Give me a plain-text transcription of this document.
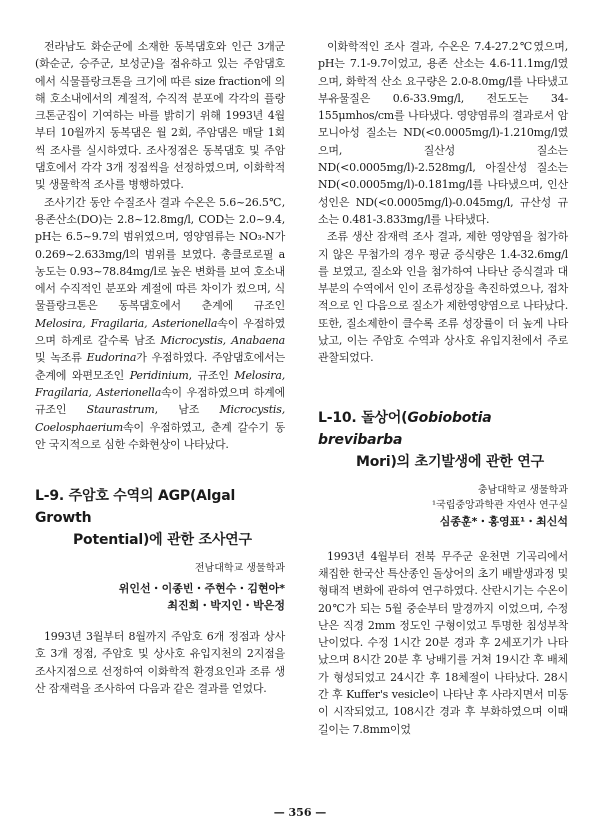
전라남도 화순군에 소재한 동복댐호와 인근 3개군(화순군, 승주군, 보성군)을 점유하고 있는 주암댐호에서 식물플랑크톤을 크기에 따른 size fraction에 의해 호소내에서의 계절적, 수직적 분포에 각각의 플랑크톤군집이 기여하는 바를 밝히기 위해 1993년 4월부터 10월까지 동복댐은 월 2회, 주암댐은 매달 1회씩 조사를 실시하였다. 조사정점은 동복댐호 및 주암댐호에서 각각 3개 정점씩을 선정하였으며, 이화학적 및 생물학적 조사를 병행하였다.

조사기간 동안 수질조사 결과 수온은 5.6~26.5℃, 용존산소(DO)는 2.8~12.8mg/l, COD는 2.0~9.4, pH는 6.5~9.7의 범위였으며, 영양염류는 NO₃-N가 0.269~2.633mg/l의 범위를 보였다. 총클로로필 a 농도는 0.93~78.84mg/l로 높은 변화를 보여 호소내에서 수직적인 분포와 계절에 따른 차이가 컸으며, 식물플랑크톤은 동복댐호에서 춘계에 규조인 Melosira, Fragilaria, Asterionella속이 우점하였으며 하계로 갈수록 남조 Microcystis, Anabaena 및 녹조류 Eudorina가 우점하였다. 주암댐호에서는 춘계에 와편모조인 Peridinium, 규조인 Melosira, Fragilaria, Asterionella속이 우점하였으며 하계에 규조인 Staurastrum, 남조 Microcystis, Coelosphaerium속이 우점하였고, 춘계 갈수기 동안 국지적으로 심한 수화현상이 나타났다.

L-9. 주암호 수역의 AGP(Algal Growth
Potential)에 관한 조사연구

전남대학교 생물학과

위인선・이종빈・주현수・김현아*

최진희・박지인・박은정

1993년 3월부터 8월까지 주암호 6개 정점과 상사호 3개 정점, 주암호 및 상사호 유입지천의 2지점을 조사지점으로 선정하여 이화학적 환경요인과 조류 생산 잠재력을 조사하여 다음과 같은 결과를 얻었다.

이화학적인 조사 결과, 수온은 7.4-27.2℃였으며, pH는 7.1-9.7이었고, 용존 산소는 4.6-11.1mg/l였으며, 화학적 산소 요구량은 2.0-8.0mg/l를 나타냈고 부유물질은 0.6-33.9mg/l, 전도도는 34-155μmhos/cm를 나타냈다. 영양염류의 결과로서 암모니아성 질소는 ND(<0.0005mg/l)-1.210mg/l였으며, 질산성 질소는 ND(<0.0005mg/l)-2.528mg/l, 아질산성 질소는 ND(<0.0005mg/l)-0.181mg/l를 나타냈으며, 인산성인은 ND(<0.0005mg/l)-0.045mg/l, 규산성 규소는 0.481-3.833mg/l를 나타냈다.

조류 생산 잠재력 조사 결과, 제한 영양염을 첨가하지 않은 무첨가의 경우 평균 증식량은 1.4-32.6mg/l를 보였고, 질소와 인을 첨가하여 나타난 증식결과 대부분의 수역에서 인이 조류성장을 촉진하였으나, 접차적으로 인 다음으로 질소가 제한영양염으로 나타났다. 또한, 질소제한이 클수록 조류 성장률이 더 높게 나타났고, 이는 주암호 수역과 상사호 유입지천에서 주로 관찰되었다.

L-10. 돌상어(Gobiobotia brevibarba
Mori)의 초기발생에 관한 연구

충남대학교 생물학과

¹국립중앙과학관 자연사 연구실

심종훈*・홍영표¹・최신석

1993년 4월부터 전북 무주군 운천면 기곡리에서 채집한 한국산 특산종인 돌상어의 초기 배발생과정 및 형태적 변화에 관하여 연구하였다. 산란시기는 수온이 20℃가 되는 5월 중순부터 말경까지 이었으며, 수정난은 직경 2mm 정도인 구형이었고 투명한 침성부착난이었다. 수정 1시간 20분 경과 후 2세포기가 나타났으며 8시간 20분 후 낭배기를 거쳐 19시간 후 배체가 형성되었고 24시간 후 18체절이 나타났다. 28시간 후 Kuffer's vesicle이 나타난 후 사라지면서 미동이 시작되었고, 108시간 경과 후 부화하였으며 이때 길이는 7.8mm이었

— 356 —
